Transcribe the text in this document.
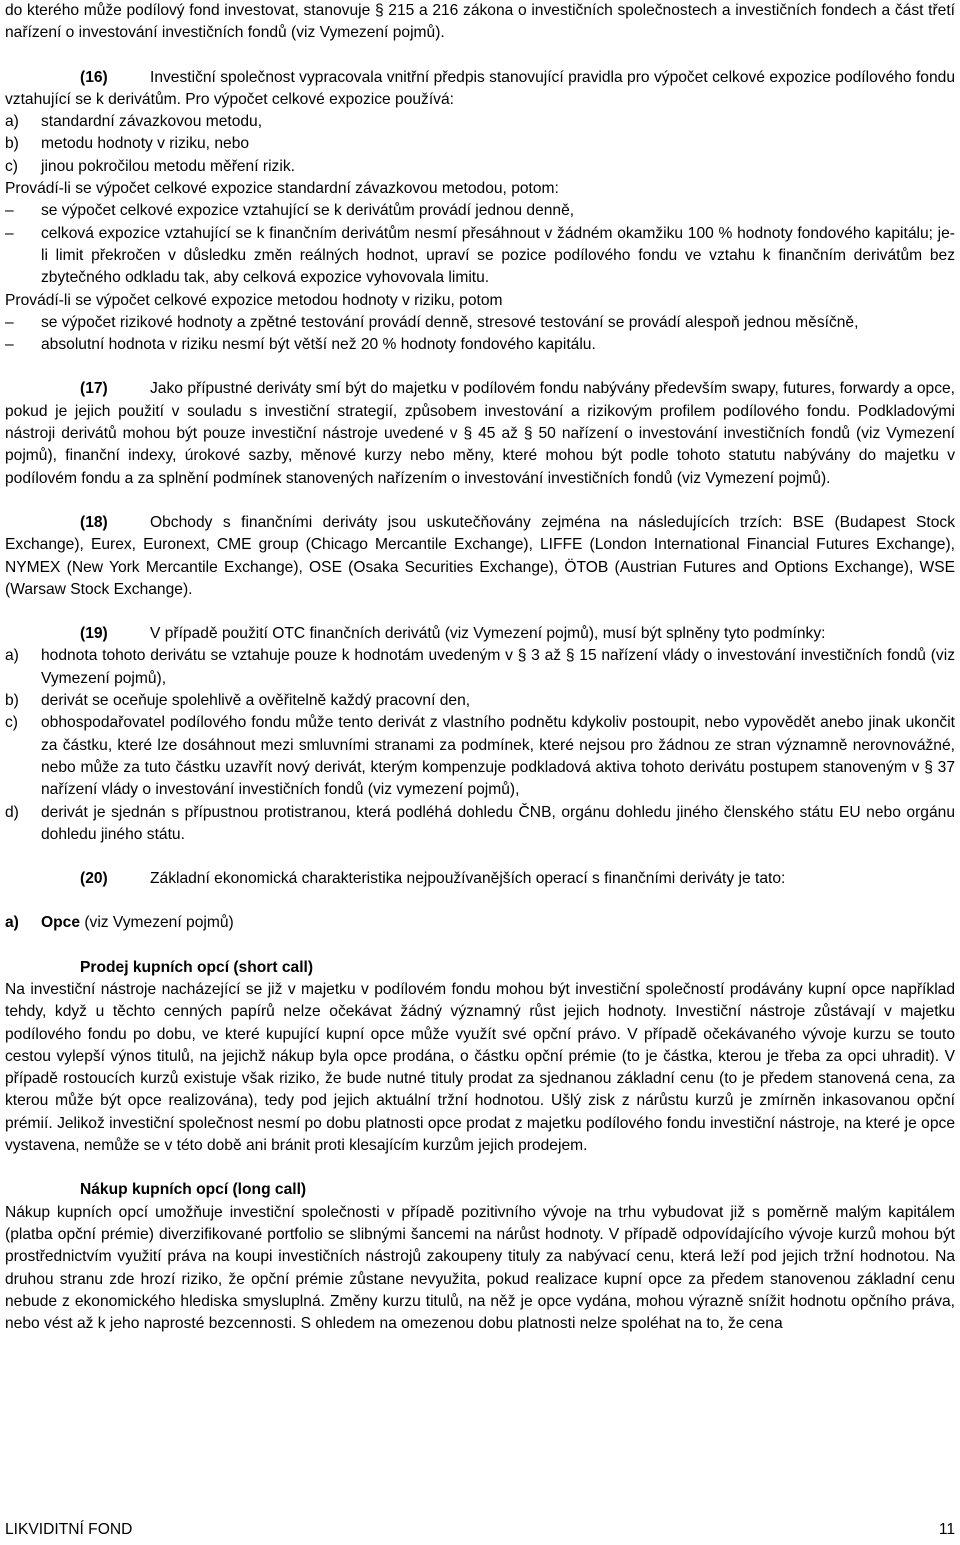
do kterého může podílový fond investovat, stanovuje § 215 a 216 zákona o investičních společnostech a investičních fondech a část třetí nařízení o investování investičních fondů (viz Vymezení pojmů).

(16)	Investiční společnost vypracovala vnitřní předpis stanovující pravidla pro výpočet celkové expozice podílového fondu vztahující se k derivátům. Pro výpočet celkové expozice používá:

a)	standardní závazkovou metodu,
b)	metodu hodnoty v riziku, nebo
c)	jinou pokročilou metodu měření rizik.

Provádí-li se výpočet celkové expozice standardní závazkovou metodou, potom:

–	se výpočet celkové expozice vztahující se k derivátům provádí jednou denně,
–	celková expozice vztahující se k finančním derivátům nesmí přesáhnout v žádném okamžiku 100 % hodnoty fondového kapitálu; je-li limit překročen v důsledku změn reálných hodnot, upraví se pozice podílového fondu ve vztahu k finančním derivátům bez zbytečného odkladu tak, aby celková expozice vyhovovala limitu.

Provádí-li se výpočet celkové expozice metodou hodnoty v riziku, potom

–	se výpočet rizikové hodnoty a zpětné testování provádí denně, stresové testování se provádí alespoň jednou měsíčně,
–	absolutní hodnota v riziku nesmí být větší než 20 % hodnoty fondového kapitálu.

(17)	Jako přípustné deriváty smí být do majetku v podílovém fondu nabývány především swapy, futures, forwardy a opce, pokud je jejich použití v souladu s investiční strategií, způsobem investování a rizikovým profilem podílového fondu. Podkladovými nástroji derivátů mohou být pouze investiční nástroje uvedené v § 45 až § 50 nařízení o investování investičních fondů (viz Vymezení pojmů), finanční indexy, úrokové sazby, měnové kurzy nebo měny, které mohou být podle tohoto statutu nabývány do majetku v podílovém fondu a za splnění podmínek stanovených nařízením o investování investičních fondů (viz Vymezení pojmů).

(18)	Obchody s finančními deriváty jsou uskutečňovány zejména na následujících trzích: BSE (Budapest Stock Exchange), Eurex, Euronext, CME group (Chicago Mercantile Exchange), LIFFE (London International Financial Futures Exchange), NYMEX (New York Mercantile Exchange), OSE (Osaka Securities Exchange), ÖTOB (Austrian Futures and Options Exchange), WSE (Warsaw Stock Exchange).

(19)	V případě použití OTC finančních derivátů (viz Vymezení pojmů), musí být splněny tyto podmínky:

a)	hodnota tohoto derivátu se vztahuje pouze k hodnotám uvedeným v § 3 až § 15 nařízení vlády o investování investičních fondů (viz Vymezení pojmů),
b)	derivát se oceňuje spolehlivě a ověřitelně každý pracovní den,
c)	obhospodařovatel podílového fondu může tento derivát z vlastního podnětu kdykoliv postoupit, nebo vypovědět anebo jinak ukončit za částku, které lze dosáhnout mezi smluvními stranami za podmínek, které nejsou pro žádnou ze stran významně nerovnovážné, nebo může za tuto částku uzavřít nový derivát, kterým kompenzuje podkladová aktiva tohoto derivátu postupem stanoveným v § 37 nařízení vlády o investování investičních fondů (viz vymezení pojmů),
d)	derivát je sjednán s přípustnou protistranou, která podléhá dohledu ČNB, orgánu dohledu jiného členského státu EU nebo orgánu dohledu jiného státu.

(20)	Základní ekonomická charakteristika nejpoužívanějších operací s finančními deriváty je tato:

a)	Opce (viz Vymezení pojmů)
Prodej kupních opcí (short call)

Na investiční nástroje nacházející se již v majetku v podílovém fondu mohou být investiční společností prodávány kupní opce například tehdy, když u těchto cenných papírů nelze očekávat žádný významný růst jejich hodnoty. Investiční nástroje zůstávají v majetku podílového fondu po dobu, ve které kupující kupní opce může využít své opční právo. V případě očekávaného vývoje kurzu se touto cestou vylepší výnos titulů, na jejichž nákup byla opce prodána, o částku opční prémie (to je částka, kterou je třeba za opci uhradit). V případě rostoucích kurzů existuje však riziko, že bude nutné tituly prodat za sjednanou základní cenu (to je předem stanovená cena, za kterou může být opce realizována), tedy pod jejich aktuální tržní hodnotou. Ušlý zisk z nárůstu kurzů je zmírněn inkasovanou opční prémií. Jelikož investiční společnost nesmí po dobu platnosti opce prodat z majetku podílového fondu investiční nástroje, na které je opce vystavena, nemůže se v této době ani bránit proti klesajícím kurzům jejich prodejem.

Nákup kupních opcí (long call)

Nákup kupních opcí umožňuje investiční společnosti v případě pozitivního vývoje na trhu vybudovat již s poměrně malým kapitálem (platba opční prémie) diverzifikované portfolio se slibnými šancemi na nárůst hodnoty. V případě odpovídajícího vývoje kurzů mohou být prostřednictvím využití práva na koupi investičních nástrojů zakoupeny tituly za nabývací cenu, která leží pod jejich tržní hodnotou. Na druhou stranu zde hrozí riziko, že opční prémie zůstane nevyužita, pokud realizace kupní opce za předem stanovenou základní cenu nebude z ekonomického hlediska smysluplná. Změny kurzu titulů, na něž je opce vydána, mohou výrazně snížit hodnotu opčního práva, nebo vést až k jeho naprosté bezcennosti. S ohledem na omezenou dobu platnosti nelze spoléhat na to, že cena

LIKVIDITNÍ FOND	11
